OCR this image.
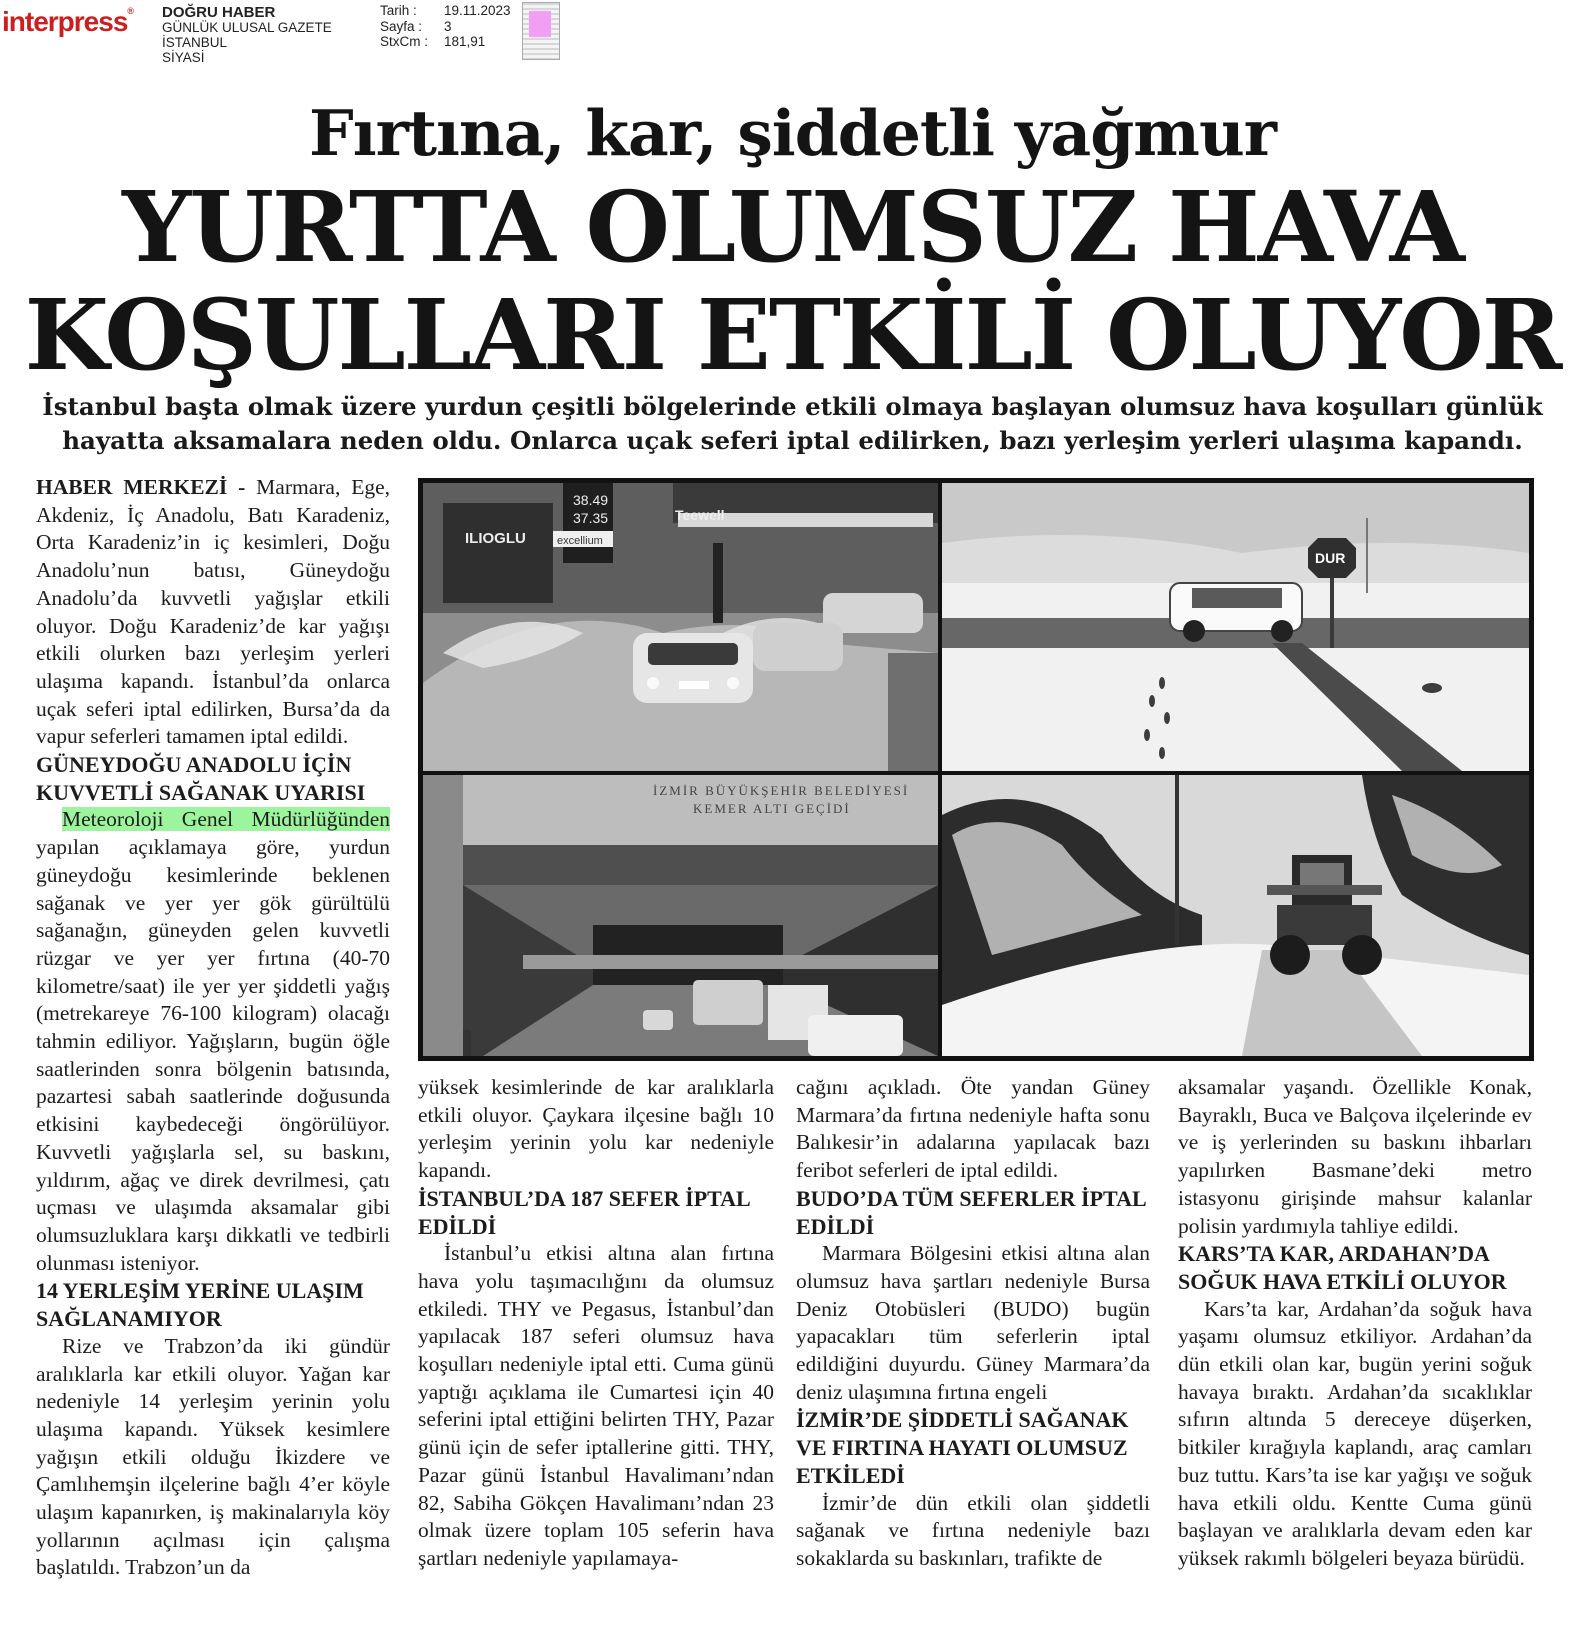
interpress® DOĞRU HABER
GÜNLÜK ULUSAL GAZETE
İSTANBUL
SİYASİ
Tarih :	19.11.2023
Sayfa :	3
StxCm :	181,91
Fırtına, kar, şiddetli yağmur
YURTTA OLUMSUZ HAVA
KOŞULLARI ETKİLİ OLUYOR
İstanbul başta olmak üzere yurdun çeşitli bölgelerinde etkili olmaya başlayan olumsuz hava koşulları günlük
hayatta aksamalara neden oldu. Onlarca uçak seferi iptal edilirken, bazı yerleşim yerleri ulaşıma kapandı.

HABER MERKEZİ - Marmara, Ege, Akdeniz, İç Anadolu, Batı Karadeniz, Orta Karadeniz’in iç kesimleri, Doğu Anadolu’nun batısı, Güneydoğu Anadolu’da kuvvetli yağışlar etkili oluyor. Doğu Karadeniz’de kar yağışı etkili olurken bazı yerleşim yerleri ulaşıma kapandı. İstanbul’da onlarca uçak seferi iptal edilirken, Bursa’da da vapur seferleri tamamen iptal edildi.

GÜNEYDOĞU ANADOLU İÇİN KUVVETLİ SAĞANAK UYARISI

Meteoroloji Genel Müdürlüğünden yapılan açıklamaya göre, yurdun güneydoğu kesimlerinde beklenen sağanak ve yer yer gök gürültülü sağanağın, güneyden gelen kuvvetli rüzgar ve yer yer fırtına (40-70 kilometre/saat) ile yer yer şiddetli yağış (metrekareye 76-100 kilogram) olacağı tahmin ediliyor. Yağışların, bugün öğle saatlerinden sonra bölgenin batısında, pazartesi sabah saatlerinde doğusunda etkisini kaybedeceği öngörülüyor. Kuvvetli yağışlarla sel, su baskını, yıldırım, ağaç ve direk devrilmesi, çatı uçması ve ulaşımda aksamalar gibi olumsuzluklara karşı dikkatli ve tedbirli olunması isteniyor.

14 YERLEŞİM YERİNE ULAŞIM SAĞLANAMIYOR

Rize ve Trabzon’da iki gündür aralıklarla kar etkili oluyor. Yağan kar nedeniyle 14 yerleşim yerinin yolu ulaşıma kapandı. Yüksek kesimlere yağışın etkili olduğu İkizdere ve Çamlıhemşin ilçelerine bağlı 4’er köyle ulaşım kapanırken, iş makinalarıyla köy yollarının açılması için çalışma başlatıldı. Trabzon’un da

38.49
37.35
excellium
ILIOGLU
Teewell
DUR
İZMİR BÜYÜKŞEHİR BELEDİYESİ
KEMER ALTI GEÇİDİ

yüksek kesimlerinde de kar aralıklarla etkili oluyor. Çaykara ilçesine bağlı 10 yerleşim yerinin yolu kar nedeniyle kapandı.

İSTANBUL’DA 187 SEFER İPTAL EDİLDİ

İstanbul’u etkisi altına alan fırtına hava yolu taşımacılığını da olumsuz etkiledi. THY ve Pegasus, İstanbul’dan yapılacak 187 seferi olumsuz hava koşulları nedeniyle iptal etti. Cuma günü yaptığı açıklama ile Cumartesi için 40 seferini iptal ettiğini belirten THY, Pazar günü için de sefer iptallerine gitti. THY, Pazar günü İstanbul Havalimanı’ndan 82, Sabiha Gökçen Havalimanı’ndan 23 olmak üzere toplam 105 seferin hava şartları nedeniyle yapılamaya-

cağını açıkladı. Öte yandan Güney Marmara’da fırtına nedeniyle hafta sonu Balıkesir’in adalarına yapılacak bazı feribot seferleri de iptal edildi.

BUDO’DA TÜM SEFERLER İPTAL EDİLDİ

Marmara Bölgesini etkisi altına alan olumsuz hava şartları nedeniyle Bursa Deniz Otobüsleri (BUDO) bugün yapacakları tüm seferlerin iptal edildiğini duyurdu. Güney Marmara’da deniz ulaşımına fırtına engeli

İZMİR’DE ŞİDDETLİ SAĞANAK VE FIRTINA HAYATI OLUMSUZ ETKİLEDİ

İzmir’de dün etkili olan şiddetli sağanak ve fırtına nedeniyle bazı sokaklarda su baskınları, trafikte de

aksamalar yaşandı. Özellikle Konak, Bayraklı, Buca ve Balçova ilçelerinde ev ve iş yerlerinden su baskını ihbarları yapılırken Basmane’deki metro istasyonu girişinde mahsur kalanlar polisin yardımıyla tahliye edildi.

KARS’TA KAR, ARDAHAN’DA SOĞUK HAVA ETKİLİ OLUYOR

Kars’ta kar, Ardahan’da soğuk hava yaşamı olumsuz etkiliyor. Ardahan’da dün etkili olan kar, bugün yerini soğuk havaya bıraktı. Ardahan’da sıcaklıklar sıfırın altında 5 dereceye düşerken, bitkiler kırağıyla kaplandı, araç camları buz tuttu. Kars’ta ise kar yağışı ve soğuk hava etkili oldu. Kentte Cuma günü başlayan ve aralıklarla devam eden kar yüksek rakımlı bölgeleri beyaza bürüdü.
